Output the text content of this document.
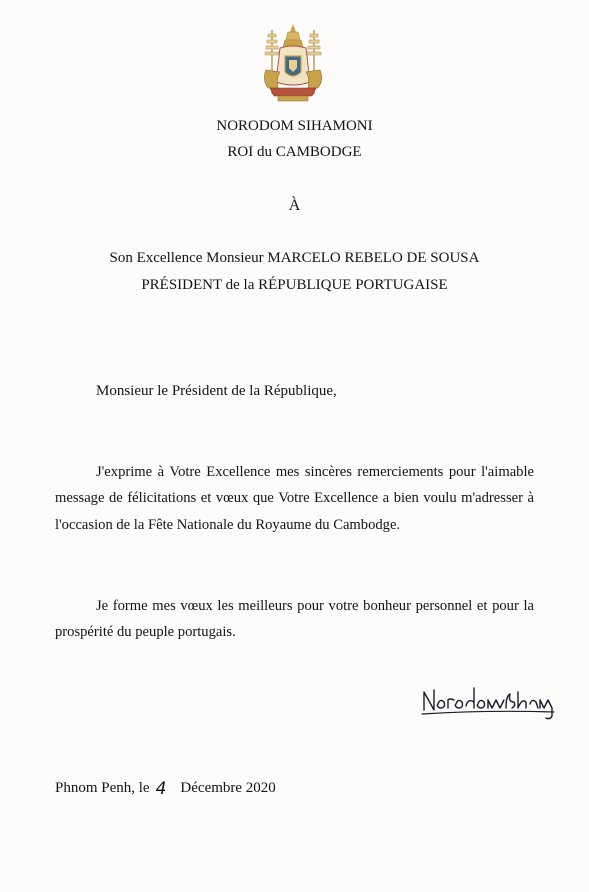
NORODOM SIHAMONI
ROI du CAMBODGE
À
Son Excellence Monsieur MARCELO REBELO DE SOUSA
PRÉSIDENT de la RÉPUBLIQUE PORTUGAISE
Monsieur le Président de la République,
J'exprime à Votre Excellence mes sincères remerciements pour l'aimable message de félicitations et vœux que Votre Excellence a bien voulu m'adresser à l'occasion de la Fête Nationale du Royaume du Cambodge.
Je forme mes vœux les meilleurs pour votre bonheur personnel et pour la prospérité du peuple portugais.
Phnom Penh, le 4 Décembre 2020
